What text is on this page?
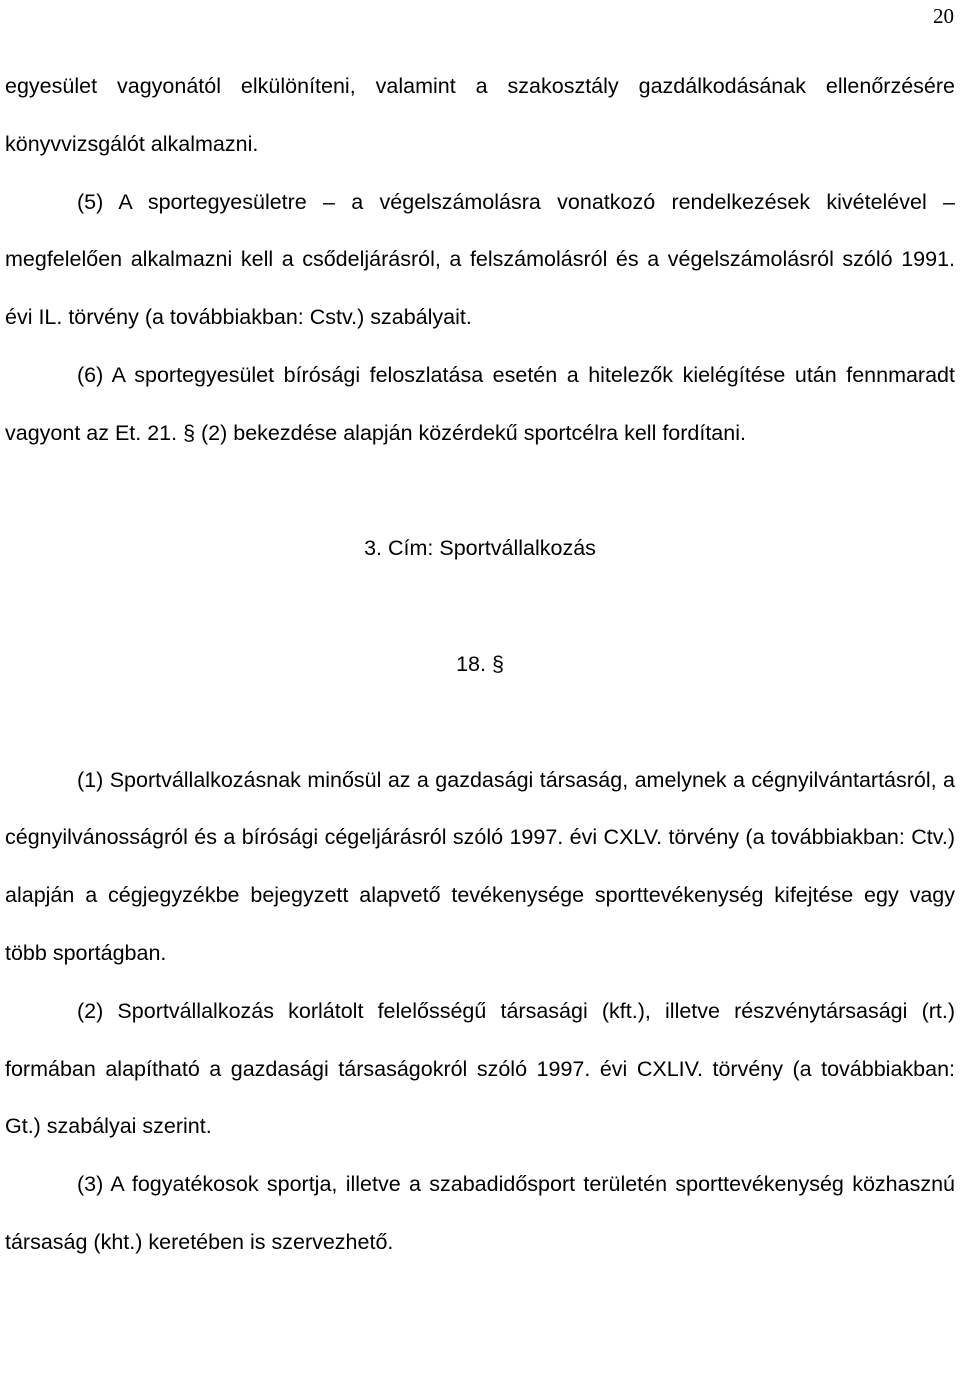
20

egyesület vagyonától elkülöníteni, valamint a szakosztály gazdálkodásának ellenőrzésére könyvvizsgálót alkalmazni.

(5) A sportegyesületre – a végelszámolásra vonatkozó rendelkezések kivételével – megfelelően alkalmazni kell a csődeljárásról, a felszámolásról és a végelszámolásról szóló 1991. évi IL. törvény (a továbbiakban: Cstv.) szabályait.

(6) A sportegyesület bírósági feloszlatása esetén a hitelezők kielégítése után fennmaradt vagyont az Et. 21. § (2) bekezdése alapján közérdekű sportcélra kell fordítani.

3. Cím: Sportvállalkozás
18. §

(1) Sportvállalkozásnak minősül az a gazdasági társaság, amelynek a cégnyilvántartásról, a cégnyilvánosságról és a bírósági cégeljárásról szóló 1997. évi CXLV. törvény (a továbbiakban: Ctv.) alapján a cégjegyzékbe bejegyzett alapvető tevékenysége sporttevékenység kifejtése egy vagy több sportágban.

(2) Sportvállalkozás korlátolt felelősségű társasági (kft.), illetve részvénytársasági (rt.) formában alapítható a gazdasági társaságokról szóló 1997. évi CXLIV. törvény (a továbbiakban: Gt.) szabályai szerint.

(3) A fogyatékosok sportja, illetve a szabadidősport területén sporttevékenység közhasznú társaság (kht.) keretében is szervezhető.
